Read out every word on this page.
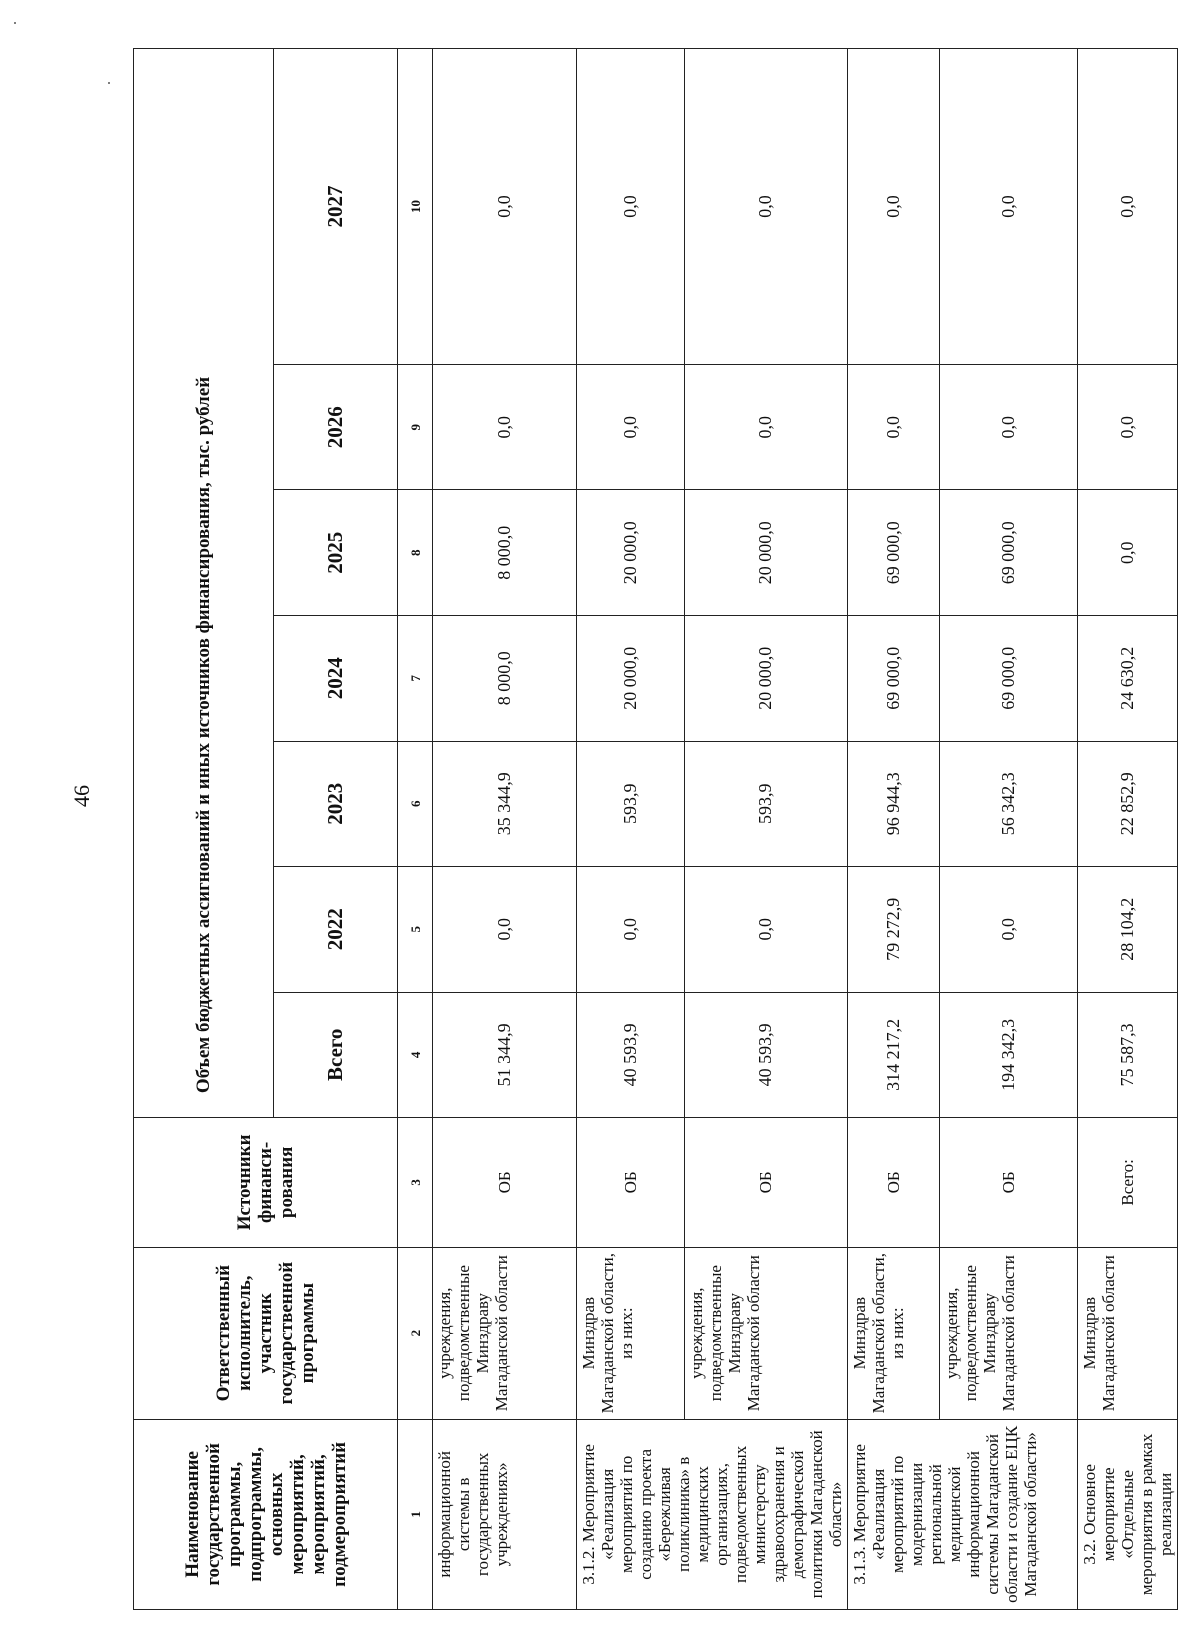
46
Наименование государственной программы, подпрограммы, основных мероприятий, мероприятий, подмероприятий	Ответственный исполнитель, участник государственной программы	Источники финанси-рования	Объем бюджетных ассигнований и иных источников финансирования, тыс. рублей						
			Всего	2022	2023	2024	2025	2026	2027
1	2	3	4	5	6	7	8	9	10
информационной системы в государственных учреждениях»	учреждения, подведомственные Минздраву Магаданской области	ОБ	51 344,9	0,0	35 344,9	8 000,0	8 000,0	0,0	0,0
3.1.2. Мероприятие «Реализация мероприятий по созданию проекта «Бережливая поликлиника» в медицинских организациях, подведомственных министерству здравоохранения и демографической политики Магаданской области»	Минздрав Магаданской области, из них:	ОБ	40 593,9	0,0	593,9	20 000,0	20 000,0	0,0	0,0
	учреждения, подведомственные Минздраву Магаданской области	ОБ	40 593,9	0,0	593,9	20 000,0	20 000,0	0,0	0,0
3.1.3. Мероприятие «Реализация мероприятий по модернизации региональной медицинской информационной системы Магаданской области и создание ЕЦК Магаданской области»	Минздрав Магаданской области, из них:	ОБ	314 217,2	79 272,9	96 944,3	69 000,0	69 000,0	0,0	0,0
	учреждения, подведомственные Минздраву Магаданской области	ОБ	194 342,3	0,0	56 342,3	69 000,0	69 000,0	0,0	0,0
3.2. Основное мероприятие «Отдельные мероприятия в рамках реализации	Минздрав Магаданской области	Всего:	75 587,3	28 104,2	22 852,9	24 630,2	0,0	0,0	0,0
